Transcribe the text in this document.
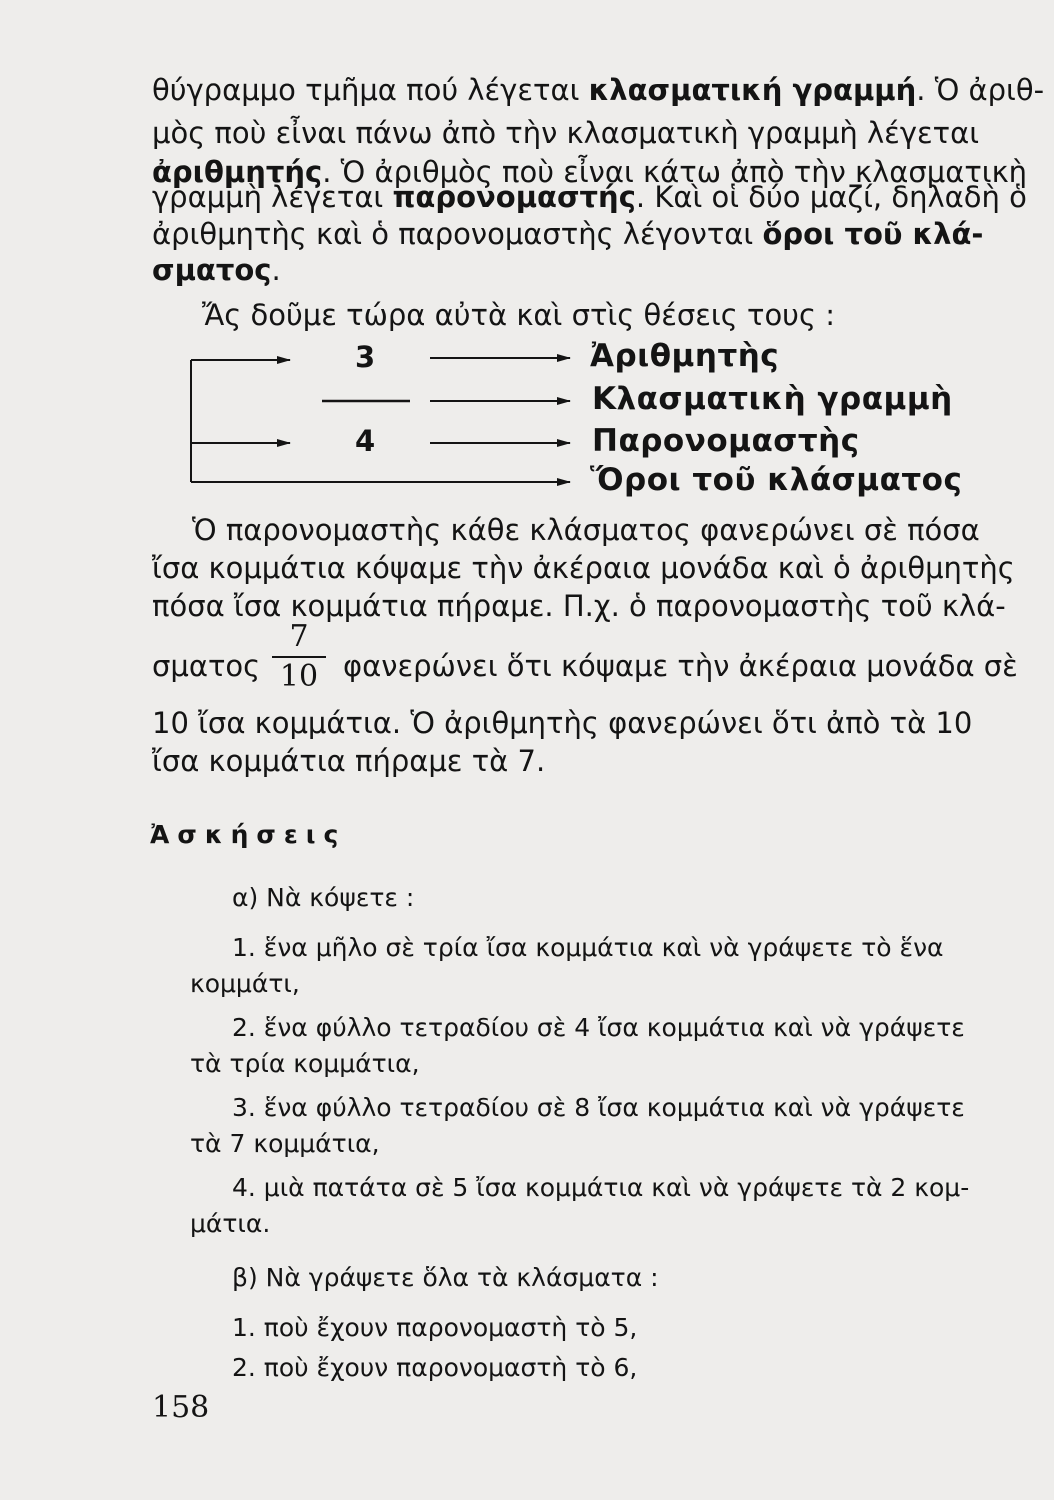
θύγραμμο τμῆμα πού λέγεται κλασματική γραμμή. Ὁ ἀριθ-
μὸς ποὺ εἶναι πάνω ἀπὸ τὴν κλασματικὴ γραμμὴ λέγεται
ἀριθμητής. Ὁ ἀριθμὸς ποὺ εἶναι κάτω ἀπὸ τὴν κλασματικὴ
γραμμὴ λέγεται παρονομαστής. Καὶ οἱ δύο μαζί, δηλαδὴ ὁ
ἀριθμητὴς καὶ ὁ παρονομαστὴς λέγονται ὅροι τοῦ κλά-
σματος.
Ἄς δοῦμε τώρα αὐτὰ καὶ στὶς θέσεις τους :
3
4
Ἀριθμητὴς
Κλασματικὴ γραμμὴ
Παρονομαστὴς
Ὅροι τοῦ κλάσματος
Ὁ παρονομαστὴς κάθε κλάσματος φανερώνει σὲ πόσα
ἴσα κομμάτια κόψαμε τὴν ἀκέραια μονάδα καὶ ὁ ἀριθμητὴς
πόσα ἴσα κομμάτια πήραμε. Π.χ. ὁ παρονομαστὴς τοῦ κλά-
σματος
7
10 φανερώνει ὅτι κόψαμε τὴν ἀκέραια μονάδα σὲ
10 ἴσα κομμάτια. Ὁ ἀριθμητὴς φανερώνει ὅτι ἀπὸ τὰ 10
ἴσα κομμάτια πήραμε τὰ 7.
Ἀσκήσεις
α) Νὰ κόψετε :
1. ἕνα μῆλο σὲ τρία ἴσα κομμάτια καὶ νὰ γράψετε τὸ ἕνα
κομμάτι,
2. ἕνα φύλλο τετραδίου σὲ 4 ἴσα κομμάτια καὶ νὰ γράψετε
τὰ τρία κομμάτια,
3. ἕνα φύλλο τετραδίου σὲ 8 ἴσα κομμάτια καὶ νὰ γράψετε
τὰ 7 κομμάτια,
4. μιὰ πατάτα σὲ 5 ἴσα κομμάτια καὶ νὰ γράψετε τὰ 2 κομ-
μάτια.
β) Νὰ γράψετε ὅλα τὰ κλάσματα :
1. ποὺ ἔχουν παρονομαστὴ τὸ 5,
2. ποὺ ἔχουν παρονομαστὴ τὸ 6,
158
